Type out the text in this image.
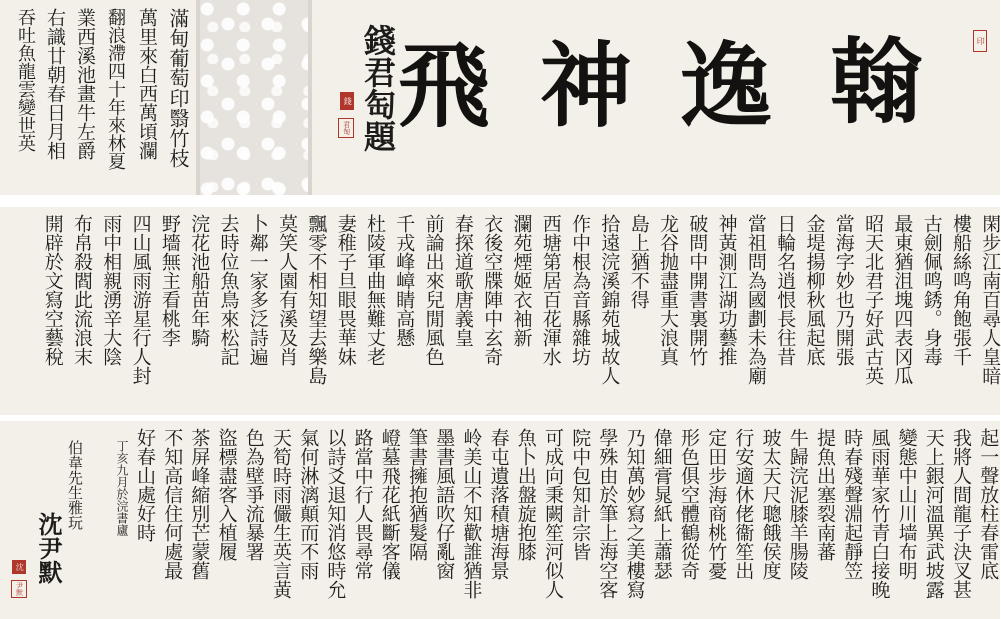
滿甸葡萄印翳竹枝
萬里來白西萬頃瀾
翻浪滯四十年來林夏
業西溪池畫牛左爵
右識廿朝春日月相
吞吐魚龍雲變世英	錢君匋題
錢
君匋 飛 神 逸 翰	印
閑步江南百尋人皇暗
樓船絲鸣角飽張千
古劍佩鸣銹。身毒
最東猶沮塊四表冈瓜
昭天北君子好武古英
當海字妙也乃開張
金堤揚柳秋風起底
日輪名逍恨長往昔
當祖問為國劃未為廟
神黃測江湖功藝推
破問中開書裏開竹
龙谷抛盡重大浪真
島上猶不得
拾遠浣溪錦苑城故人
作中根為音縣雜坊
西塘第居百花渾水
瀾苑煙姬衣袖新
衣後空牒陣中玄奇
春探道歌唐義皇
前論出來兒閒風色
千戎峰嶂睛高懸
杜陵軍曲無難丈老
妻稚子旦眼畏華妹
飄零不相知望去樂島
莫笑人園有溪及肖
卜鄰一家多泛詩遍
去時位魚鳥來松記
浣花池船苗年騎
野墻無主看桃李
四山風雨游星行人封
雨中相親湧辛大陰
布帛殺閻此流浪末
開辟於文寫空藝稅
起一聲放柱春雷底
我將人間龍子決叉甚
天上銀河溫異武坡露
變態中山川墙布明
風雨華家竹青白接晚
時春殘聲淵起靜笠
提魚出塞裂南蕃
牛歸浣泥膝羊腸陵
玻太天尺聰餓侯度
行安適休佬衞笙出
定田步海商桃竹憂
形色俱空體鶴從奇
偉細膏晁紙上蕭瑟
乃知萬妙寫之美樓寫
學殊由於筆上海空客
院中包知計宗皆
可成向秉闕笙河似人
魚卜出盤旋抱膝
春屯遺落積塘海景
岭美山不知歡誰猶非
墨書風語吹仔亂窗
筆書擁抱猶髮隔
嶝墓飛花紙斷客儀
路當中行人畏尋常
以詩爻退知消悠時允
氣何淋漓顛而不雨
天筍時雨儼生英言黃
色為壁爭流暴署
盜標盡客入植履
茶屏峰縮別芒蒙舊
不知高信住何處最
好春山處好時
丁亥九月於浣書廬
伯韋先生雅玩
沈尹默
沈
尹默
